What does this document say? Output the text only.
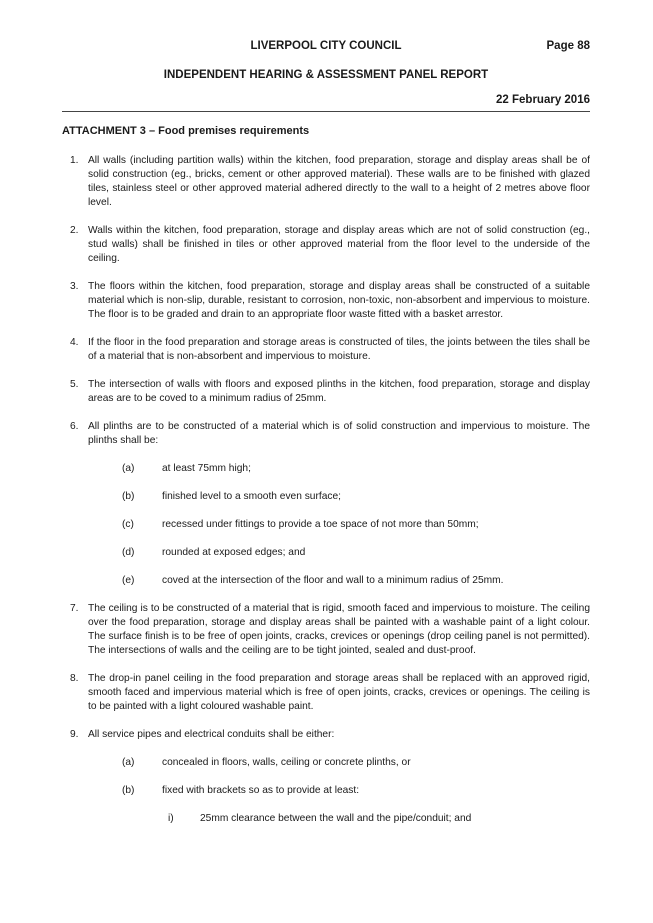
LIVERPOOL CITY COUNCIL	Page 88
INDEPENDENT HEARING & ASSESSMENT PANEL REPORT
22 February 2016
ATTACHMENT 3 – Food premises requirements
1. All walls (including partition walls) within the kitchen, food preparation, storage and display areas shall be of solid construction (eg., bricks, cement or other approved material). These walls are to be finished with glazed tiles, stainless steel or other approved material adhered directly to the wall to a height of 2 metres above floor level.
2. Walls within the kitchen, food preparation, storage and display areas which are not of solid construction (eg., stud walls) shall be finished in tiles or other approved material from the floor level to the underside of the ceiling.
3. The floors within the kitchen, food preparation, storage and display areas shall be constructed of a suitable material which is non-slip, durable, resistant to corrosion, non-toxic, non-absorbent and impervious to moisture. The floor is to be graded and drain to an appropriate floor waste fitted with a basket arrestor.
4. If the floor in the food preparation and storage areas is constructed of tiles, the joints between the tiles shall be of a material that is non-absorbent and impervious to moisture.
5. The intersection of walls with floors and exposed plinths in the kitchen, food preparation, storage and display areas are to be coved to a minimum radius of 25mm.
6. All plinths are to be constructed of a material which is of solid construction and impervious to moisture. The plinths shall be:
(a)	at least 75mm high;
(b)	finished level to a smooth even surface;
(c)	recessed under fittings to provide a toe space of not more than 50mm;
(d)	rounded at exposed edges; and
(e)	coved at the intersection of the floor and wall to a minimum radius of 25mm.
7. The ceiling is to be constructed of a material that is rigid, smooth faced and impervious to moisture. The ceiling over the food preparation, storage and display areas shall be painted with a washable paint of a light colour. The surface finish is to be free of open joints, cracks, crevices or openings (drop ceiling panel is not permitted). The intersections of walls and the ceiling are to be tight jointed, sealed and dust-proof.
8. The drop-in panel ceiling in the food preparation and storage areas shall be replaced with an approved rigid, smooth faced and impervious material which is free of open joints, cracks, crevices or openings. The ceiling is to be painted with a light coloured washable paint.
9. All service pipes and electrical conduits shall be either:
(a)	concealed in floors, walls, ceiling or concrete plinths, or
(b)	fixed with brackets so as to provide at least:
i)	25mm clearance between the wall and the pipe/conduit; and
